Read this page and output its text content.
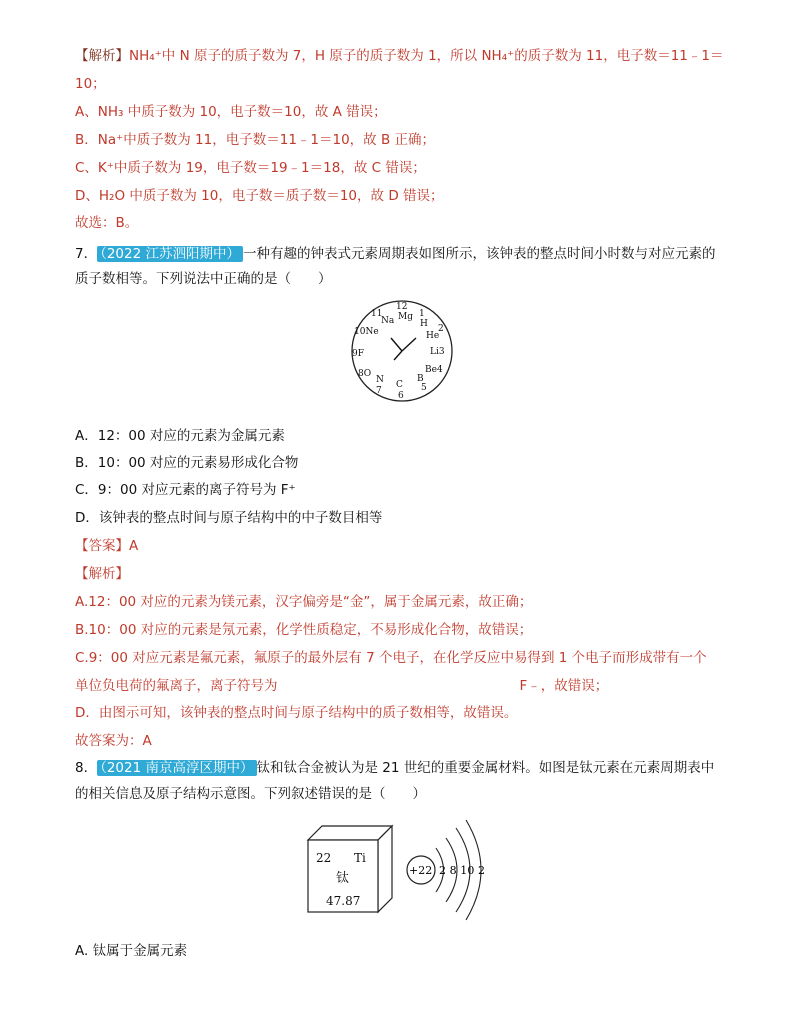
【解析】NH₄⁺中 N 原子的质子数为 7，H 原子的质子数为 1，所以 NH₄⁺的质子数为 11，电子数＝11﹣1＝
10；
A、NH₃ 中质子数为 10，电子数＝10，故 A 错误；
B．Na⁺中质子数为 11，电子数＝11﹣1＝10，故 B 正确；
C、K⁺中质子数为 19，电子数＝19﹣1＝18，故 C 错误；
D、H₂O 中质子数为 10，电子数＝质子数＝10，故 D 错误；
故选：B。
7． （2022 江苏泗阳期中） 一种有趣的钟表式元素周期表如图所示，该钟表的整点时间小时数与对应元素的
质子数相等。下列说法中正确的是（　　）
12
Mg
11
Na
10Ne
9F
8O
N
7
C
6
B
5
Be4
Li3
He
2
1
H
A．12：00 对应的元素为金属元素
B．10：00 对应的元素易形成化合物
C．9：00 对应元素的离子符号为 F⁺
D．该钟表的整点时间与原子结构中的中子数目相等
【答案】A
【解析】
A.12：00 对应的元素为镁元素，汉字偏旁是“金”，属于金属元素，故正确；
B.10：00 对应的元素是氖元素，化学性质稳定，不易形成化合物，故错误；
C.9：00 对应元素是氟元素，氟原子的最外层有 7 个电子，在化学反应中易得到 1 个电子而形成带有一个
单位负电荷的氟离子，离子符号为	F﹣，故错误；
D．由图示可知，该钟表的整点时间与原子结构中的质子数相等，故错误。
故答案为：A
8． （2021 南京高淳区期中） 钛和钛合金被认为是 21 世纪的重要金属材料。如图是钛元素在元素周期表中
的相关信息及原子结构示意图。下列叙述错误的是（　　）
22 Ti
钛
47.87
+22 2 8 10 2
A. 钛属于金属元素
